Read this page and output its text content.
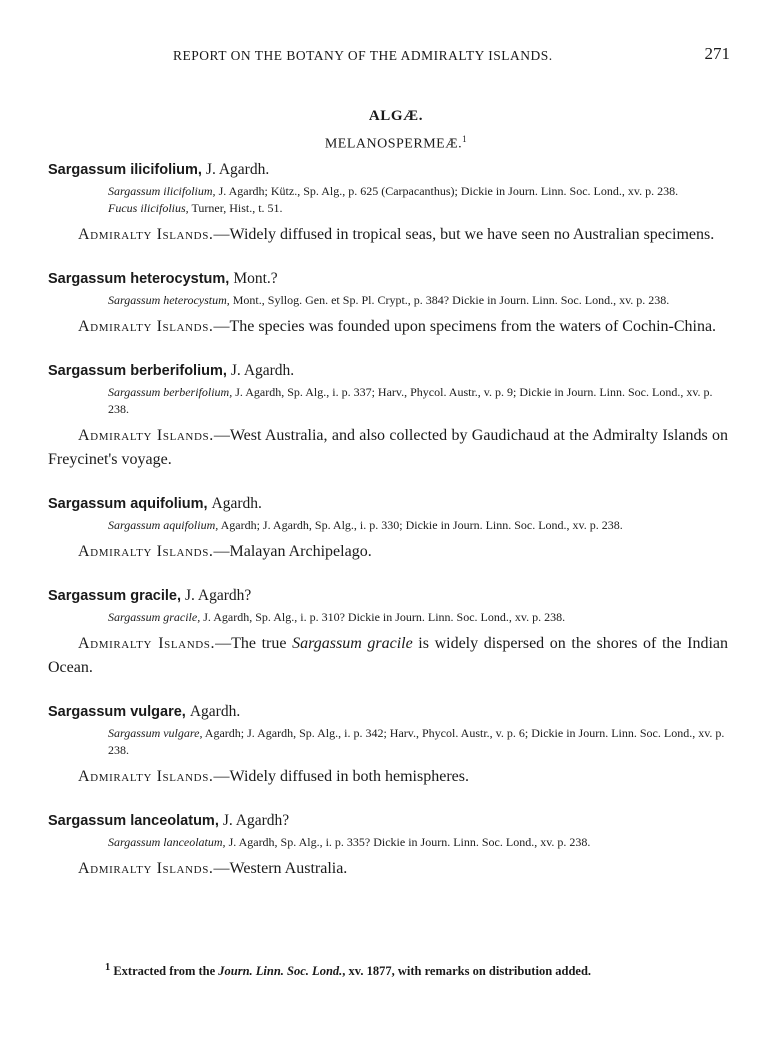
REPORT ON THE BOTANY OF THE ADMIRALTY ISLANDS.	271
ALGÆ.
MELANOSPERMEÆ.$^1$
Sargassum ilicifolium, J. Agardh.
Sargassum ilicifolium, J. Agardh; Kütz., Sp. Alg., p. 625 (Carpacanthus); Dickie in Journ. Linn. Soc. Lond., xv. p. 238.
Fucus ilicifolius, Turner, Hist., t. 51.

Admiralty Islands.—Widely diffused in tropical seas, but we have seen no Australian specimens.

Sargassum heterocystum, Mont.?
Sargassum heterocystum, Mont., Syllog. Gen. et Sp. Pl. Crypt., p. 384? Dickie in Journ. Linn. Soc. Lond., xv. p. 238.

Admiralty Islands.—The species was founded upon specimens from the waters of Cochin-China.

Sargassum berberifolium, J. Agardh.
Sargassum berberifolium, J. Agardh, Sp. Alg., i. p. 337; Harv., Phycol. Austr., v. p. 9; Dickie in Journ. Linn. Soc. Lond., xv. p. 238.

Admiralty Islands.—West Australia, and also collected by Gaudichaud at the Admiralty Islands on Freycinet's voyage.

Sargassum aquifolium, Agardh.
Sargassum aquifolium, Agardh; J. Agardh, Sp. Alg., i. p. 330; Dickie in Journ. Linn. Soc. Lond., xv. p. 238.

Admiralty Islands.—Malayan Archipelago.

Sargassum gracile, J. Agardh?
Sargassum gracile, J. Agardh, Sp. Alg., i. p. 310? Dickie in Journ. Linn. Soc. Lond., xv. p. 238.

Admiralty Islands.—The true Sargassum gracile is widely dispersed on the shores of the Indian Ocean.

Sargassum vulgare, Agardh.
Sargassum vulgare, Agardh; J. Agardh, Sp. Alg., i. p. 342; Harv., Phycol. Austr., v. p. 6; Dickie in Journ. Linn. Soc. Lond., xv. p. 238.

Admiralty Islands.—Widely diffused in both hemispheres.

Sargassum lanceolatum, J. Agardh?
Sargassum lanceolatum, J. Agardh, Sp. Alg., i. p. 335? Dickie in Journ. Linn. Soc. Lond., xv. p. 238.

Admiralty Islands.—Western Australia.

$^1$ Extracted from the Journ. Linn. Soc. Lond., xv. 1877, with remarks on distribution added.
